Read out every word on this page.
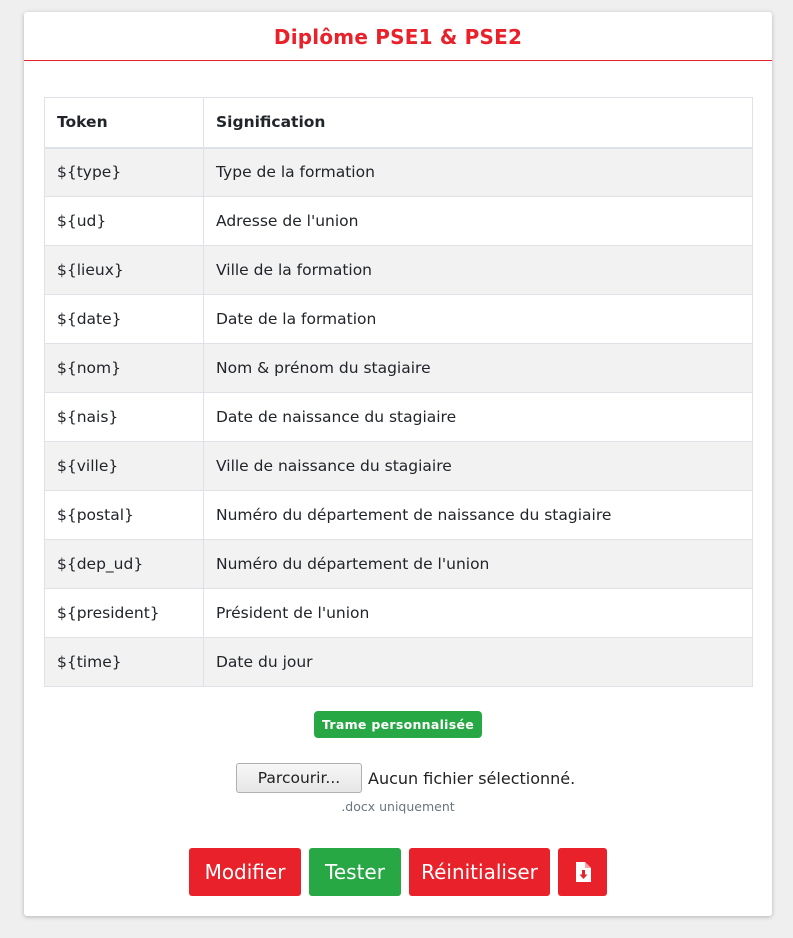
Diplôme PSE1 & PSE2
Token	Signification
${type}	Type de la formation
${ud}	Adresse de l'union
${lieux}	Ville de la formation
${date}	Date de la formation
${nom}	Nom & prénom du stagiaire
${nais}	Date de naissance du stagiaire
${ville}	Ville de naissance du stagiaire
${postal}	Numéro du département de naissance du stagiaire
${dep_ud}	Numéro du département de l'union
${president}	Président de l'union
${time}	Date du jour
Trame personnalisée
Parcourir...	Aucun fichier sélectionné.
.docx uniquement
Modifier	Tester	Réinitialiser
